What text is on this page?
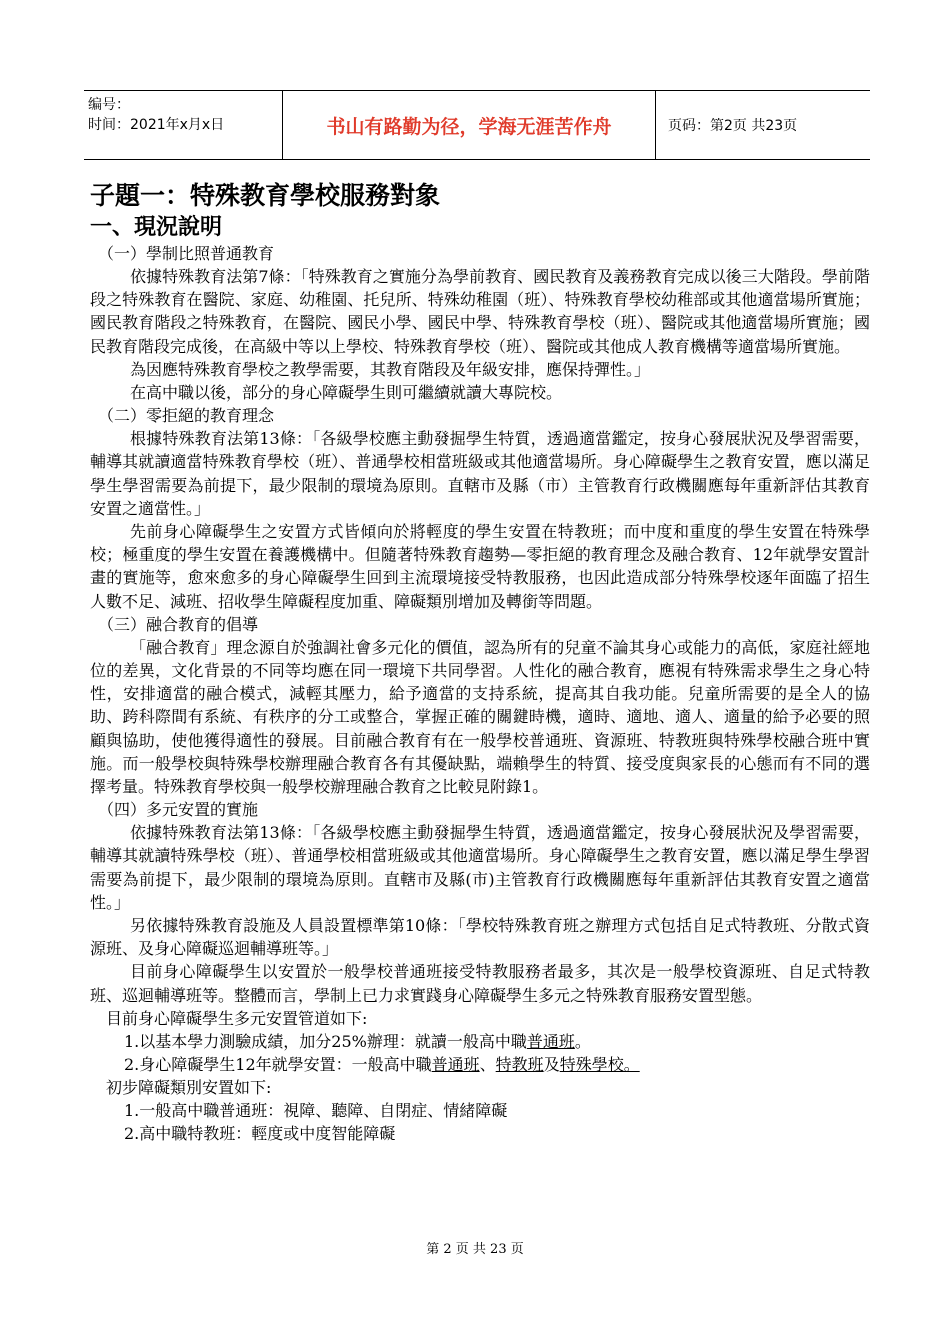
编号：
时间：2021年x月x日	书山有路勤为径，学海无涯苦作舟	页码：第2页 共23页
子題一：特殊教育學校服務對象
一、現況說明
（一）學制比照普通教育

依據特殊教育法第7條：「特殊教育之實施分為學前教育、國民教育及義務教育完成以後三大階段。學前階段之特殊教育在醫院、家庭、幼稚園、托兒所、特殊幼稚園（班）、特殊教育學校幼稚部或其他適當場所實施；國民教育階段之特殊教育，在醫院、國民小學、國民中學、特殊教育學校（班）、醫院或其他適當場所實施；國民教育階段完成後，在高級中等以上學校、特殊教育學校（班）、醫院或其他成人教育機構等適當場所實施。

為因應特殊教育學校之教學需要，其教育階段及年級安排，應保持彈性。」

在高中職以後，部分的身心障礙學生則可繼續就讀大專院校。

（二）零拒絕的教育理念

根據特殊教育法第13條：「各級學校應主動發掘學生特質，透過適當鑑定，按身心發展狀況及學習需要，輔導其就讀適當特殊教育學校（班）、普通學校相當班級或其他適當場所。身心障礙學生之教育安置，應以滿足學生學習需要為前提下，最少限制的環境為原則。直轄市及縣（市）主管教育行政機關應每年重新評估其教育安置之適當性。」

先前身心障礙學生之安置方式皆傾向於將輕度的學生安置在特教班；而中度和重度的學生安置在特殊學校；極重度的學生安置在養護機構中。但隨著特殊教育趨勢—零拒絕的教育理念及融合教育、12年就學安置計畫的實施等，愈來愈多的身心障礙學生回到主流環境接受特教服務，也因此造成部分特殊學校逐年面臨了招生人數不足、減班、招收學生障礙程度加重、障礙類別增加及轉銜等問題。

（三）融合教育的倡導

「融合教育」理念源自於強調社會多元化的價值，認為所有的兒童不論其身心或能力的高低，家庭社經地位的差異，文化背景的不同等均應在同一環境下共同學習。人性化的融合教育，應視有特殊需求學生之身心特性，安排適當的融合模式，減輕其壓力，給予適當的支持系統，提高其自我功能。兒童所需要的是全人的協助、跨科際間有系統、有秩序的分工或整合，掌握正確的關鍵時機，適時、適地、適人、適量的給予必要的照顧與協助，使他獲得適性的發展。目前融合教育有在一般學校普通班、資源班、特教班與特殊學校融合班中實施。而一般學校與特殊學校辦理融合教育各有其優缺點，端賴學生的特質、接受度與家長的心態而有不同的選擇考量。特殊教育學校與一般學校辦理融合教育之比較見附錄1。

（四）多元安置的實施

依據特殊教育法第13條：「各級學校應主動發掘學生特質，透過適當鑑定，按身心發展狀況及學習需要，輔導其就讀特殊學校（班）、普通學校相當班級或其他適當場所。身心障礙學生之教育安置，應以滿足學生學習需要為前提下，最少限制的環境為原則。直轄市及縣(市)主管教育行政機關應每年重新評估其教育安置之適當性。」

另依據特殊教育設施及人員設置標準第10條：「學校特殊教育班之辦理方式包括自足式特教班、分散式資源班、及身心障礙巡迴輔導班等。」

目前身心障礙學生以安置於一般學校普通班接受特教服務者最多，其次是一般學校資源班、自足式特教班、巡迴輔導班等。整體而言，學制上已力求實踐身心障礙學生多元之特殊教育服務安置型態。

目前身心障礙學生多元安置管道如下:
1.以基本學力測驗成績，加分25%辦理：就讀一般高中職普通班。
2.身心障礙學生12年就學安置：一般高中職普通班、特教班及特殊學校。
初步障礙類別安置如下:
1.一般高中職普通班：視障、聽障、自閉症、情緒障礙
2.高中職特教班：輕度或中度智能障礙
第 2 页 共 23 页
